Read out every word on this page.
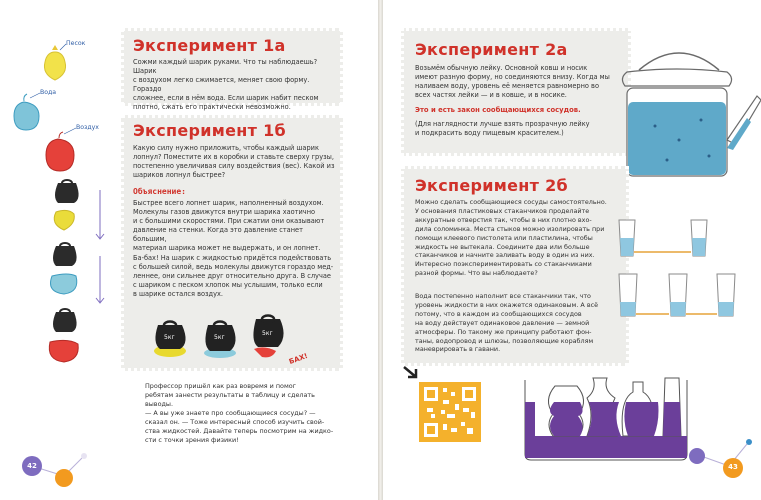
Песок
Вода
Воздух
Эксперимент 1а

Сожми каждый шарик руками. Что ты наблюдаешь? Шарик

с воздухом легко сжимается, меняет свою форму. Гораздо

сложнее, если в нём вода. Если шарик набит песком

плотно, сжать его практически невозможно.

Эксперимент 1б

Какую силу нужно приложить, чтобы каждый шарик

лопнул? Поместите их в коробки и ставьте сверху грузы,

постепенно увеличивая силу воздействия (вес). Какой из

шариков лопнул быстрее?

Объяснение:

Быстрее всего лопнет шарик, наполненный воздухом.

Молекулы газов движутся внутри шарика хаотично

и с большими скоростями. При сжатии они оказывают

давление на стенки. Когда это давление станет большим,

материал шарика может не выдержать, и он лопнет.

Ба-бах! На шарик с жидкостью придётся подействовать

с большей силой, ведь молекулы движутся гораздо мед-

леннее, они сильнее друг относительно друга. В случае

с шариком с песком хлопок мы услышим, только если

в шарике остался воздух.

5кг	5кг
5кг
БАХ!

Профессор пришёл как раз вовремя и помог

ребятам занести результаты в таблицу и сделать

выводы.

— А вы уже знаете про сообщающиеся сосуды? —

сказал он. — Тоже интересный способ изучить свой-

ства жидкостей. Давайте теперь посмотрим на жидко-

сти с точки зрения физики!

42
Эксперимент 2а

Возьмём обычную лейку. Основной ковш и носик

имеют разную форму, но соединяются внизу. Когда мы

наливаем воду, уровень её меняется равномерно во

всех частях лейки — и в ковше, и в носике.

Это и есть закон сообщающихся сосудов.

(Для наглядности лучше взять прозрачную лейку

и подкрасить воду пищевым красителем.)

Эксперимент 2б

Можно сделать сообщающиеся сосуды самостоятельно.

У основания пластиковых стаканчиков проделайте

аккуратные отверстия так, чтобы в них плотно вхо-

дила соломинка. Места стыков можно изолировать при

помощи клеевого пистолета или пластилина, чтобы

жидкость не вытекала. Соедините два или больше

стаканчиков и начните заливать воду в один из них.

Интересно поэкспериментировать со стаканчиками

разной формы. Что вы наблюдаете?

Вода постепенно наполнит все стаканчики так, что

уровень жидкости в них окажется одинаковым. А всё

потому, что в каждом из сообщающихся сосудов

на воду действует одинаковое давление — земной

атмосферы. По такому же принципу работают фон-

таны, водопровод и шлюзы, позволяющие кораблям

маневрировать в гавани.

43
